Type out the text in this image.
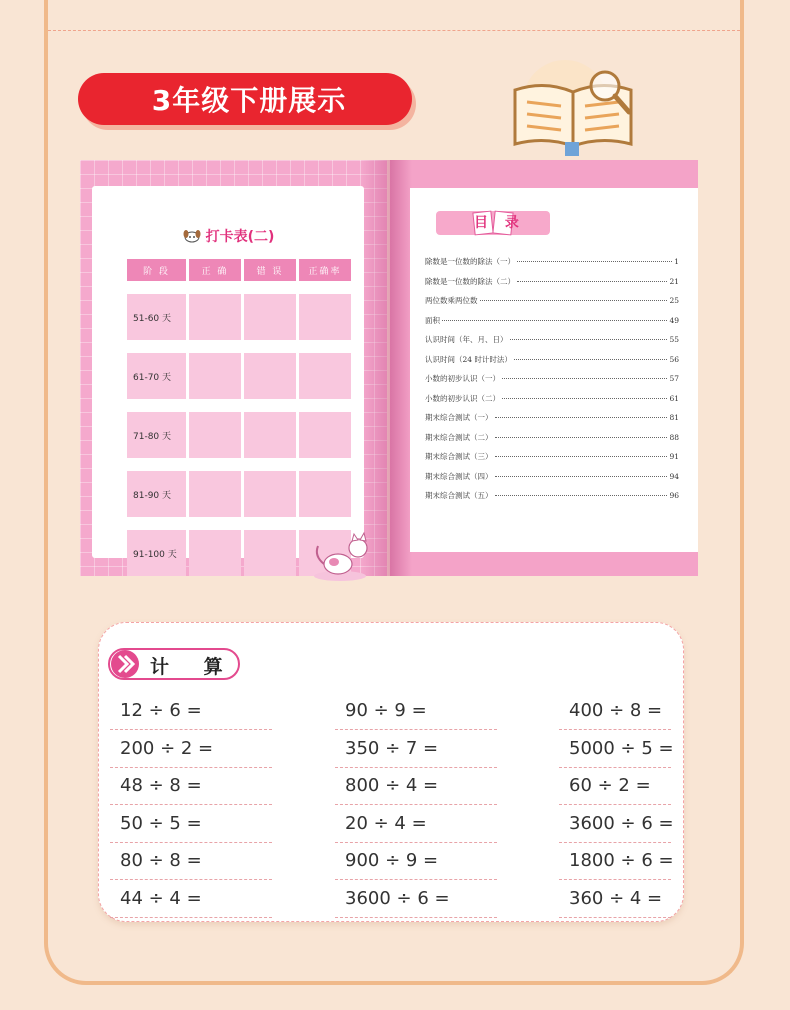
3年级下册展示
打卡表(二)
阶 段	正 确	错 误	正确率

51-60 天			

61-70 天			

71-80 天			

81-90 天			

91-100 天			
目 录
除数是一位数的除法（一）	1
除数是一位数的除法（二）	21
两位数乘两位数	25
面积	49
认识时间（年、月、日）	55
认识时间（24 时计时法）	56
小数的初步认识（一）	57
小数的初步认识（二）	61
期末综合测试（一）	81
期末综合测试（二）	88
期末综合测试（三）	91
期末综合测试（四）	94
期末综合测试（五）	96
计 算
12 ÷ 6 =
200 ÷ 2 =
48 ÷ 8 =
50 ÷ 5 =
80 ÷ 8 =
44 ÷ 4 =
90 ÷ 9 =
350 ÷ 7 =
800 ÷ 4 =
20 ÷ 4 =
900 ÷ 9 =
3600 ÷ 6 =
400 ÷ 8 =
5000 ÷ 5 =
60 ÷ 2 =
3600 ÷ 6 =
1800 ÷ 6 =
360 ÷ 4 =
